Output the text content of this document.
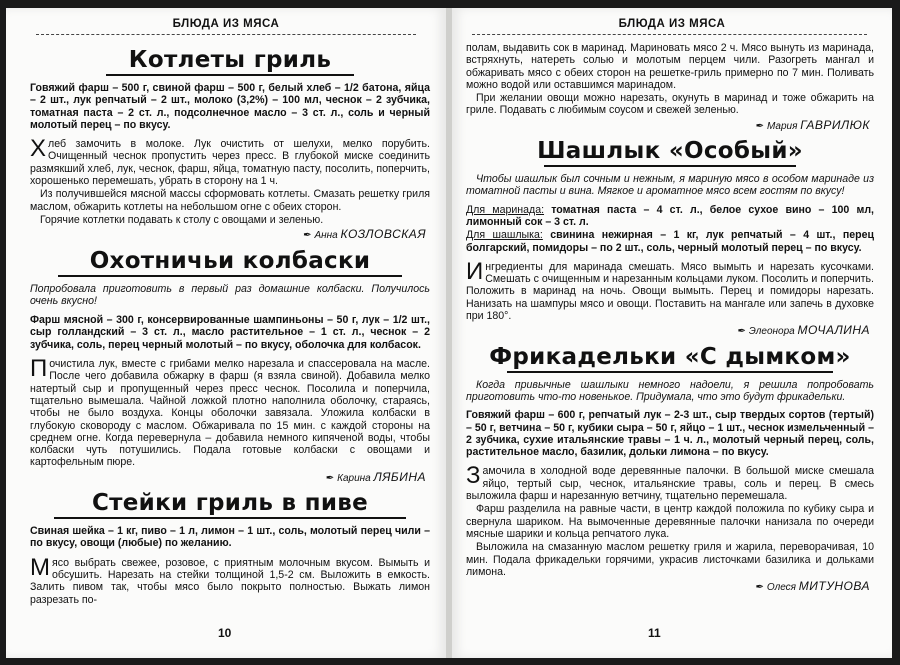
БЛЮДА ИЗ МЯСА
Котлеты гриль

Говяжий фарш – 500 г, свиной фарш – 500 г, белый хлеб – 1/2 батона, яйца – 2 шт., лук репчатый – 2 шт., молоко (3,2%) – 100 мл, чеснок – 2 зубчика, томатная паста – 2 ст. л., подсолнечное масло – 3 ст. л., соль и черный молотый перец – по вкусу.

Хлеб замочить в молоке. Лук очистить от шелухи, мелко порубить. Очищенный чеснок пропустить через пресс. В глубокой миске соединить размякший хлеб, лук, чеснок, фарш, яйца, томатную пасту, посолить, поперчить, хорошенько перемешать, убрать в сторону на 1 ч.

Из получившейся мясной массы сформовать котлеты. Смазать решетку гриля маслом, обжарить котлеты на небольшом огне с обеих сторон.

Горячие котлетки подавать к столу с овощами и зеленью.

✒ Анна КОЗЛОВСКАЯ
Охотничьи колбаски

Попробовала приготовить в первый раз домашние колбаски. Получилось очень вкусно!

Фарш мясной – 300 г, консервированные шампиньоны – 50 г, лук – 1/2 шт., сыр голландский – 3 ст. л., масло растительное – 1 ст. л., чеснок – 2 зубчика, соль, перец черный молотый – по вкусу, оболочка для колбасок.

Почистила лук, вместе с грибами мелко нарезала и спассеровала на масле. После чего добавила обжарку в фарш (я взяла свиной). Добавила мелко натертый сыр и пропущенный через пресс чеснок. Посолила и поперчила, тщательно вымешала. Чайной ложкой плотно наполнила оболочку, стараясь, чтобы не было воздуха. Концы оболочки завязала. Уложила колбаски в глубокую сковороду с маслом. Обжаривала по 15 мин. с каждой стороны на среднем огне. Когда перевернула – добавила немного кипяченой воды, чтобы колбаски чуть потушились. Подала готовые колбаски с овощами и картофельным пюре.

✒ Карина ЛЯБИНА
Стейки гриль в пиве

Свиная шейка – 1 кг, пиво – 1 л, лимон – 1 шт., соль, молотый перец чили – по вкусу, овощи (любые) по желанию.

Мясо выбрать свежее, розовое, с приятным молочным вкусом. Вымыть и обсушить. Нарезать на стейки толщиной 1,5-2 см. Выложить в емкость. Залить пивом так, чтобы мясо было покрыто полностью. Выжать лимон разрезать по-

10
БЛЮДА ИЗ МЯСА

полам, выдавить сок в маринад. Мариновать мясо 2 ч. Мясо вынуть из маринада, встряхнуть, натереть солью и молотым перцем чили. Разогреть мангал и обжаривать мясо с обеих сторон на решетке-гриль примерно по 7 мин. Поливать можно водой или оставшимся маринадом.

При желании овощи можно нарезать, окунуть в маринад и тоже обжарить на гриле. Подавать с любимым соусом и свежей зеленью.

✒ Мария ГАВРИЛЮК
Шашлык «Особый»

Чтобы шашлык был сочным и нежным, я мариную мясо в особом маринаде из томатной пасты и вина. Мягкое и ароматное мясо всем гостям по вкусу!

Для маринада: томатная паста – 4 ст. л., белое сухое вино – 100 мл, лимонный сок – 3 ст. л.

Для шашлыка: свинина нежирная – 1 кг, лук репчатый – 4 шт., перец болгарский, помидоры – по 2 шт., соль, черный молотый перец – по вкусу.

Ингредиенты для маринада смешать. Мясо вымыть и нарезать кусочками. Смешать с очищенным и нарезанным кольцами луком. Посолить и поперчить. Положить в маринад на ночь. Овощи вымыть. Перец и помидоры нарезать. Нанизать на шампуры мясо и овощи. Поставить на мангале или запечь в духовке при 180°.

✒ Элеонора МОЧАЛИНА
Фрикадельки «С дымком»

Когда привычные шашлыки немного надоели, я решила попробовать приготовить что-то новенькое. Придумала, что это будут фрикадельки.

Говяжий фарш – 600 г, репчатый лук – 2-3 шт., сыр твердых сортов (тертый) – 50 г, ветчина – 50 г, кубики сыра – 50 г, яйцо – 1 шт., чеснок измельченный – 2 зубчика, сухие итальянские травы – 1 ч. л., молотый черный перец, соль, растительное масло, базилик, дольки лимона – по вкусу.

Замочила в холодной воде деревянные палочки. В большой миске смешала яйцо, тертый сыр, чеснок, итальянские травы, соль и перец. В смесь выложила фарш и нарезанную ветчину, тщательно перемешала.

Фарш разделила на равные части, в центр каждой положила по кубику сыра и свернула шариком. На вымоченные деревянные палочки нанизала по очереди мясные шарики и кольца репчатого лука.

Выложила на смазанную маслом решетку гриля и жарила, переворачивая, 10 мин. Подала фрикадельки горячими, украсив листочками базилика и дольками лимона.

✒ Олеся МИТУНОВА
11
